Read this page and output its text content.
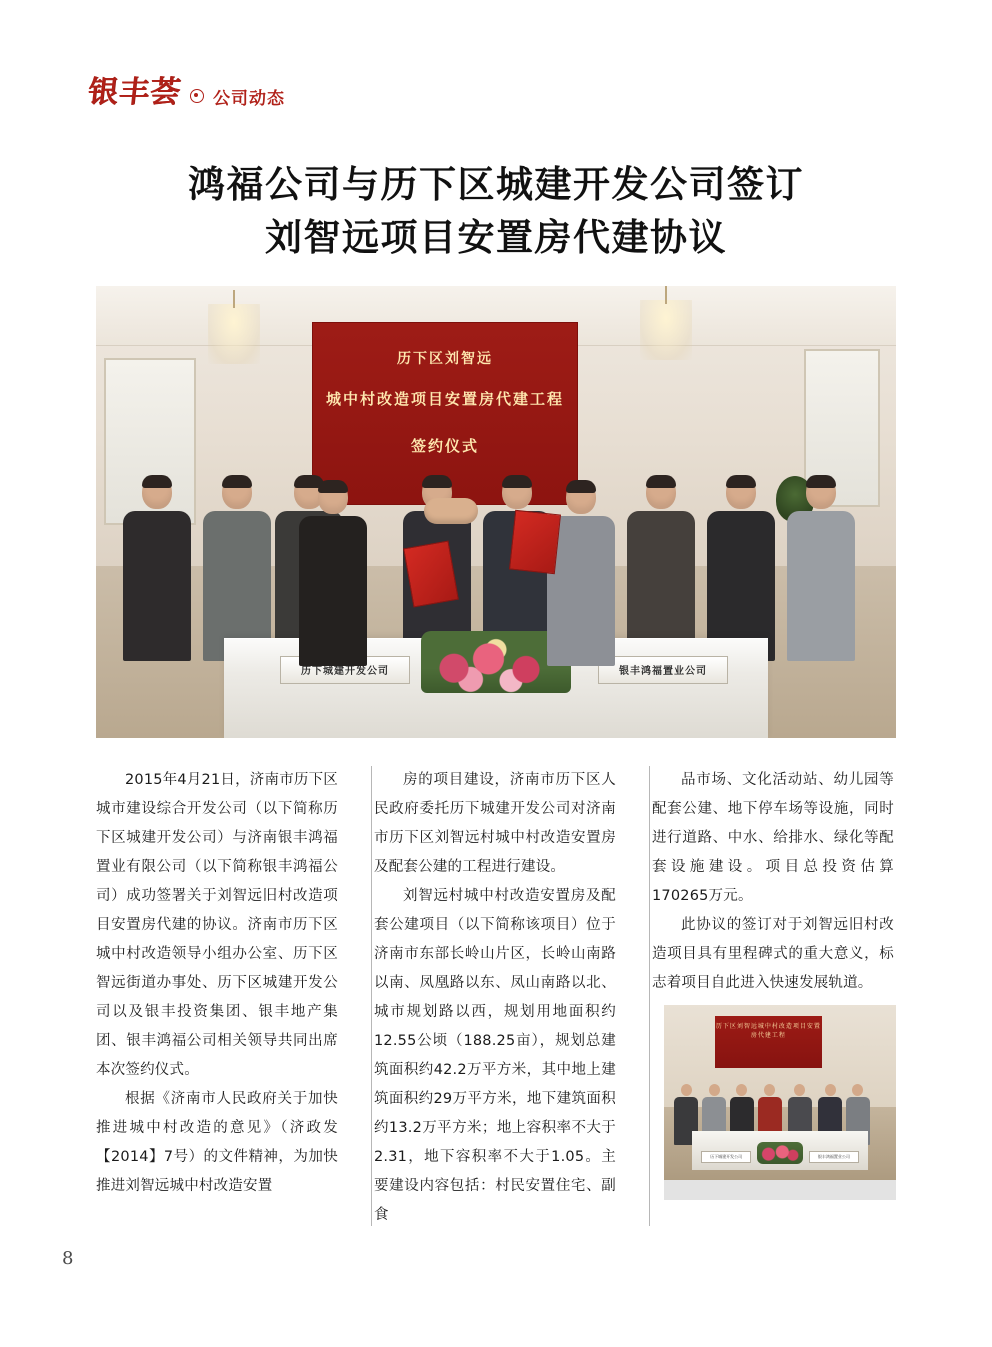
银丰荟 公司动态
鸿福公司与历下区城建开发公司签订
刘智远项目安置房代建协议
历下区刘智远
城中村改造项目安置房代建工程
签约仪式
历下城建开发公司	银丰鸿福置业公司

2015年4月21日，济南市历下区城市建设综合开发公司（以下简称历下区城建开发公司）与济南银丰鸿福置业有限公司（以下简称银丰鸿福公司）成功签署关于刘智远旧村改造项目安置房代建的协议。济南市历下区城中村改造领导小组办公室、历下区智远街道办事处、历下区城建开发公司以及银丰投资集团、银丰地产集团、银丰鸿福公司相关领导共同出席本次签约仪式。

根据《济南市人民政府关于加快推进城中村改造的意见》（济政发【2014】7号）的文件精神，为加快推进刘智远城中村改造安置

房的项目建设，济南市历下区人民政府委托历下城建开发公司对济南市历下区刘智远村城中村改造安置房及配套公建的工程进行建设。

刘智远村城中村改造安置房及配套公建项目（以下简称该项目）位于济南市东部长岭山片区，长岭山南路以南、凤凰路以东、凤山南路以北、城市规划路以西，规划用地面积约12.55公顷（188.25亩），规划总建筑面积约42.2万平方米，其中地上建筑面积约29万平方米，地下建筑面积约13.2万平方米；地上容积率不大于2.31，地下容积率不大于1.05。主要建设内容包括：村民安置住宅、副食

品市场、文化活动站、幼儿园等配套公建、地下停车场等设施，同时进行道路、中水、给排水、绿化等配套设施建设。项目总投资估算170265万元。

此协议的签订对于刘智远旧村改造项目具有里程碑式的重大意义，标志着项目自此进入快速发展轨道。

历下区刘智远城中村改造项目安置房代建工程
历下城建开发公司	银丰鸿福置业公司
8
